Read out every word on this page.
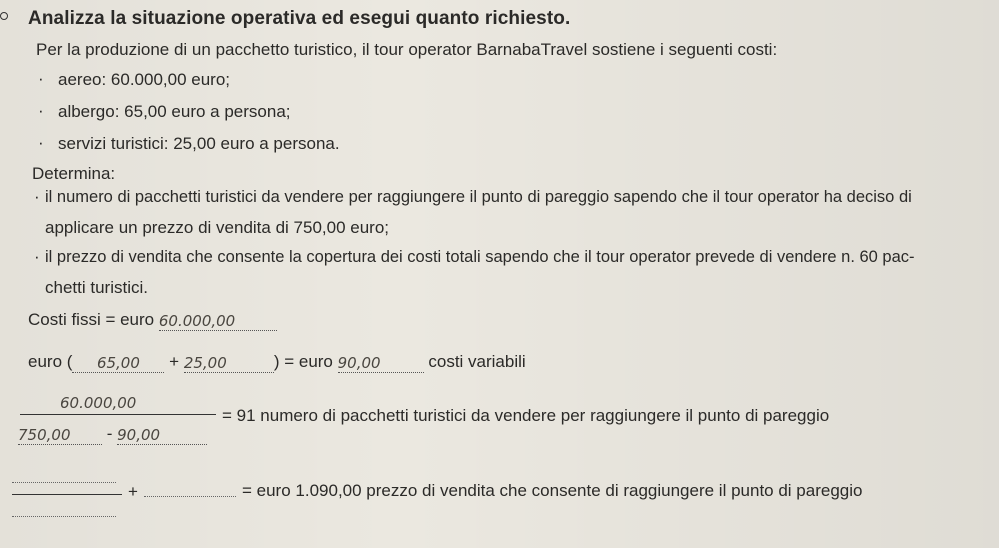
Analizza la situazione operativa ed esegui quanto richiesto.
Per la produzione di un pacchetto turistico, il tour operator BarnabaTravel sostiene i seguenti costi:
· aereo: 60.000,00 euro;
· albergo: 65,00 euro a persona;
· servizi turistici: 25,00 euro a persona.
Determina:
· il numero di pacchetti turistici da vendere per raggiungere il punto di pareggio sapendo che il tour operator ha deciso di
applicare un prezzo di vendita di 750,00 euro;
· il prezzo di vendita che consente la copertura dei costi totali sapendo che il tour operator prevede di vendere n. 60 pac-
chetti turistici.
Costi fissi = euro 60.000,00
euro ( 65,00 + 25,00	) = euro 90,00	costi variabili
60.000,00
= 91 numero di pacchetti turistici da vendere per raggiungere il punto di pareggio
750,00 - 90,00
+	= euro 1.090,00 prezzo di vendita che consente di raggiungere il punto di pareggio
